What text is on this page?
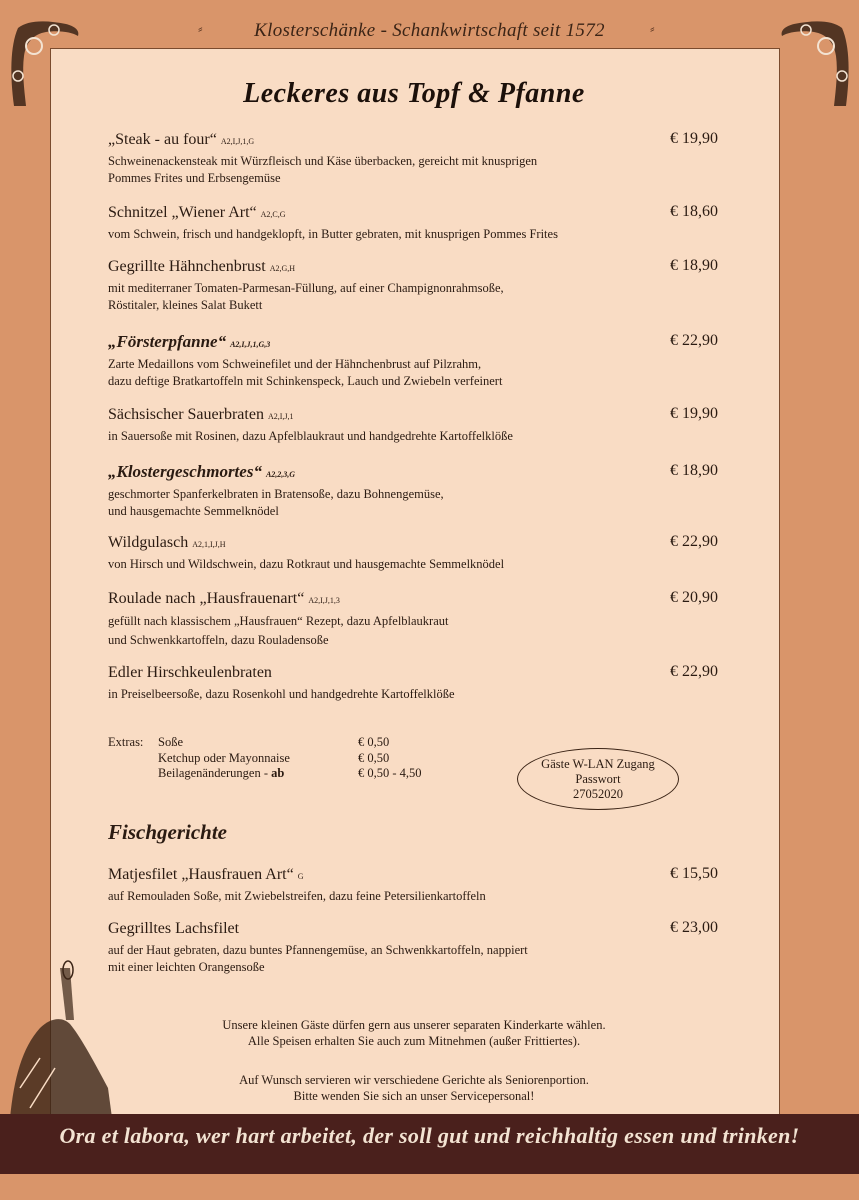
⸗	Klosterschänke - Schankwirtschaft seit 1572	⸗
Leckeres aus Topf & Pfanne
„Steak - au four“ A2,I,J,1,G
Schweinenackensteak mit Würzfleisch und Käse überbacken, gereicht mit knusprigen
Pommes Frites und Erbsengemüse
€ 19,90
Schnitzel „Wiener Art“ A2,C,G
vom Schwein, frisch und handgeklopft, in Butter gebraten, mit knusprigen Pommes Frites
€ 18,60
Gegrillte Hähnchenbrust A2,G,H
mit mediterraner Tomaten-Parmesan-Füllung, auf einer Champignonrahmsoße,
Röstitaler, kleines Salat Bukett
€ 18,90
„Försterpfanne“ A2,I,J,1,G,3
Zarte Medaillons vom Schweinefilet und der Hähnchenbrust auf Pilzrahm,
dazu deftige Bratkartoffeln mit Schinkenspeck, Lauch und Zwiebeln verfeinert
€ 22,90
Sächsischer Sauerbraten A2,I,J,1
in Sauersoße mit Rosinen, dazu Apfelblaukraut und handgedrehte Kartoffelklöße
€ 19,90
„Klostergeschmortes“ A2,2,3,G
geschmorter Spanferkelbraten in Bratensoße, dazu Bohnengemüse,
und hausgemachte Semmelknödel
€ 18,90
Wildgulasch A2,1,I,J,H
von Hirsch und Wildschwein, dazu Rotkraut und hausgemachte Semmelknödel
€ 22,90
Roulade nach „Hausfrauenart“ A2,I,J,1,3
gefüllt nach klassischem „Hausfrauen“ Rezept, dazu Apfelblaukraut
und Schwenkkartoffeln, dazu Rouladensoße
€ 20,90
Edler Hirschkeulenbraten
in Preiselbeersoße, dazu Rosenkohl und handgedrehte Kartoffelklöße
€ 22,90
Extras:	Soße	€ 0,50
Ketchup oder Mayonnaise	€ 0,50
Beilagenänderungen - ab	€ 0,50 - 4,50
Gäste W-LAN Zugang
Passwort
27052020
Fischgerichte
Matjesfilet „Hausfrauen Art“ G
auf Remouladen Soße, mit Zwiebelstreifen, dazu feine Petersilienkartoffeln
€ 15,50
Gegrilltes Lachsfilet
auf der Haut gebraten, dazu buntes Pfannengemüse, an Schwenkkartoffeln, nappiert
mit einer leichten Orangensoße
€ 23,00
Unsere kleinen Gäste dürfen gern aus unserer separaten Kinderkarte wählen.
Alle Speisen erhalten Sie auch zum Mitnehmen (außer Frittiertes).
Auf Wunsch servieren wir verschiedene Gerichte als Seniorenportion.
Bitte wenden Sie sich an unser Servicepersonal!
Ora et labora, wer hart arbeitet, der soll gut und reichhaltig essen und trinken!
